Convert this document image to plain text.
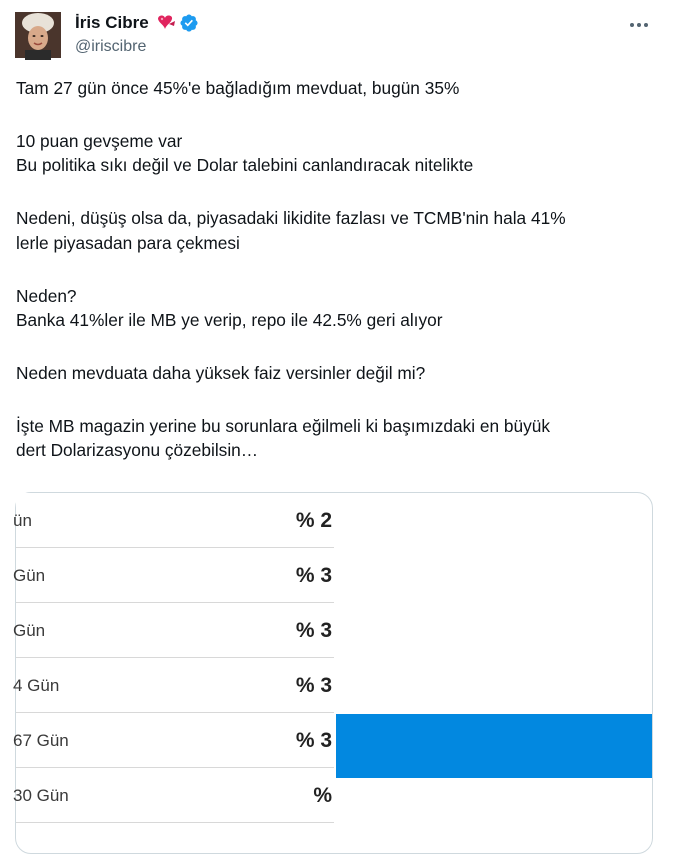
İris Cibre
@iriscibre

Tam 27 gün önce 45%'e bağladığım mevduat, bugün 35%

10 puan gevşeme var

Bu politika sıkı değil ve Dolar talebini canlandıracak nitelikte

Nedeni, düşüş olsa da, piyasadaki likidite fazlası ve TCMB'nin hala 41%

lerle piyasadan para çekmesi

Neden?

Banka 41%ler ile MB ye verip, repo ile 42.5% geri alıyor

Neden mevduata daha yüksek faiz versinler değil mi?

İşte MB magazin yerine bu sorunlara eğilmeli ki başımızdaki en büyük

dert Dolarizasyonu çözebilsin…

ün	% 2
Gün	% 3
Gün	% 3
4 Gün	% 3
67 Gün	% 3
30 Gün	%
